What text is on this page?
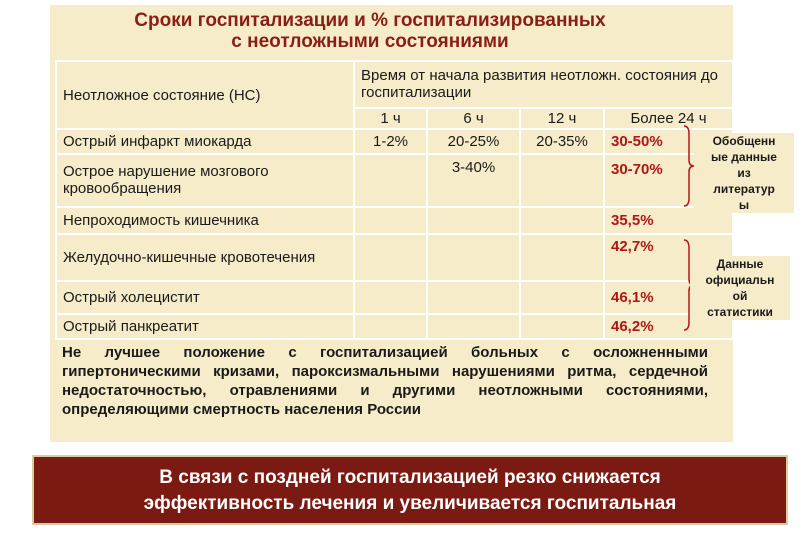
Сроки госпитализации и % госпитализированных
с неотложными состояниями
Неотложное состояние (НС)	Время от начала развития неотложн. состояния до госпитализации			
	1 ч	6 ч	12 ч	Более 24 ч
Острый инфаркт миокарда	1-2%	20-25%	20-35%	30-50%
Острое нарушение мозгового кровообращения		3-40%		30-70%
Непроходимость кишечника				35,5%
Желудочно-кишечные кровотечения				42,7%
Острый холецистит				46,1%
Острый панкреатит				46,2%
Обобщенн
ые данные
из
литератур
ы
Данные
официальн
ой
статистики
Не лучшее положение с госпитализацией больных с осложненными гипертоническими кризами, пароксизмальными нарушениями ритма, сердечной недостаточностью, отравлениями и другими неотложными состояниями, определяющими смертность населения России
В связи с поздней госпитализацией резко снижается
эффективность лечения и увеличивается госпитальная
